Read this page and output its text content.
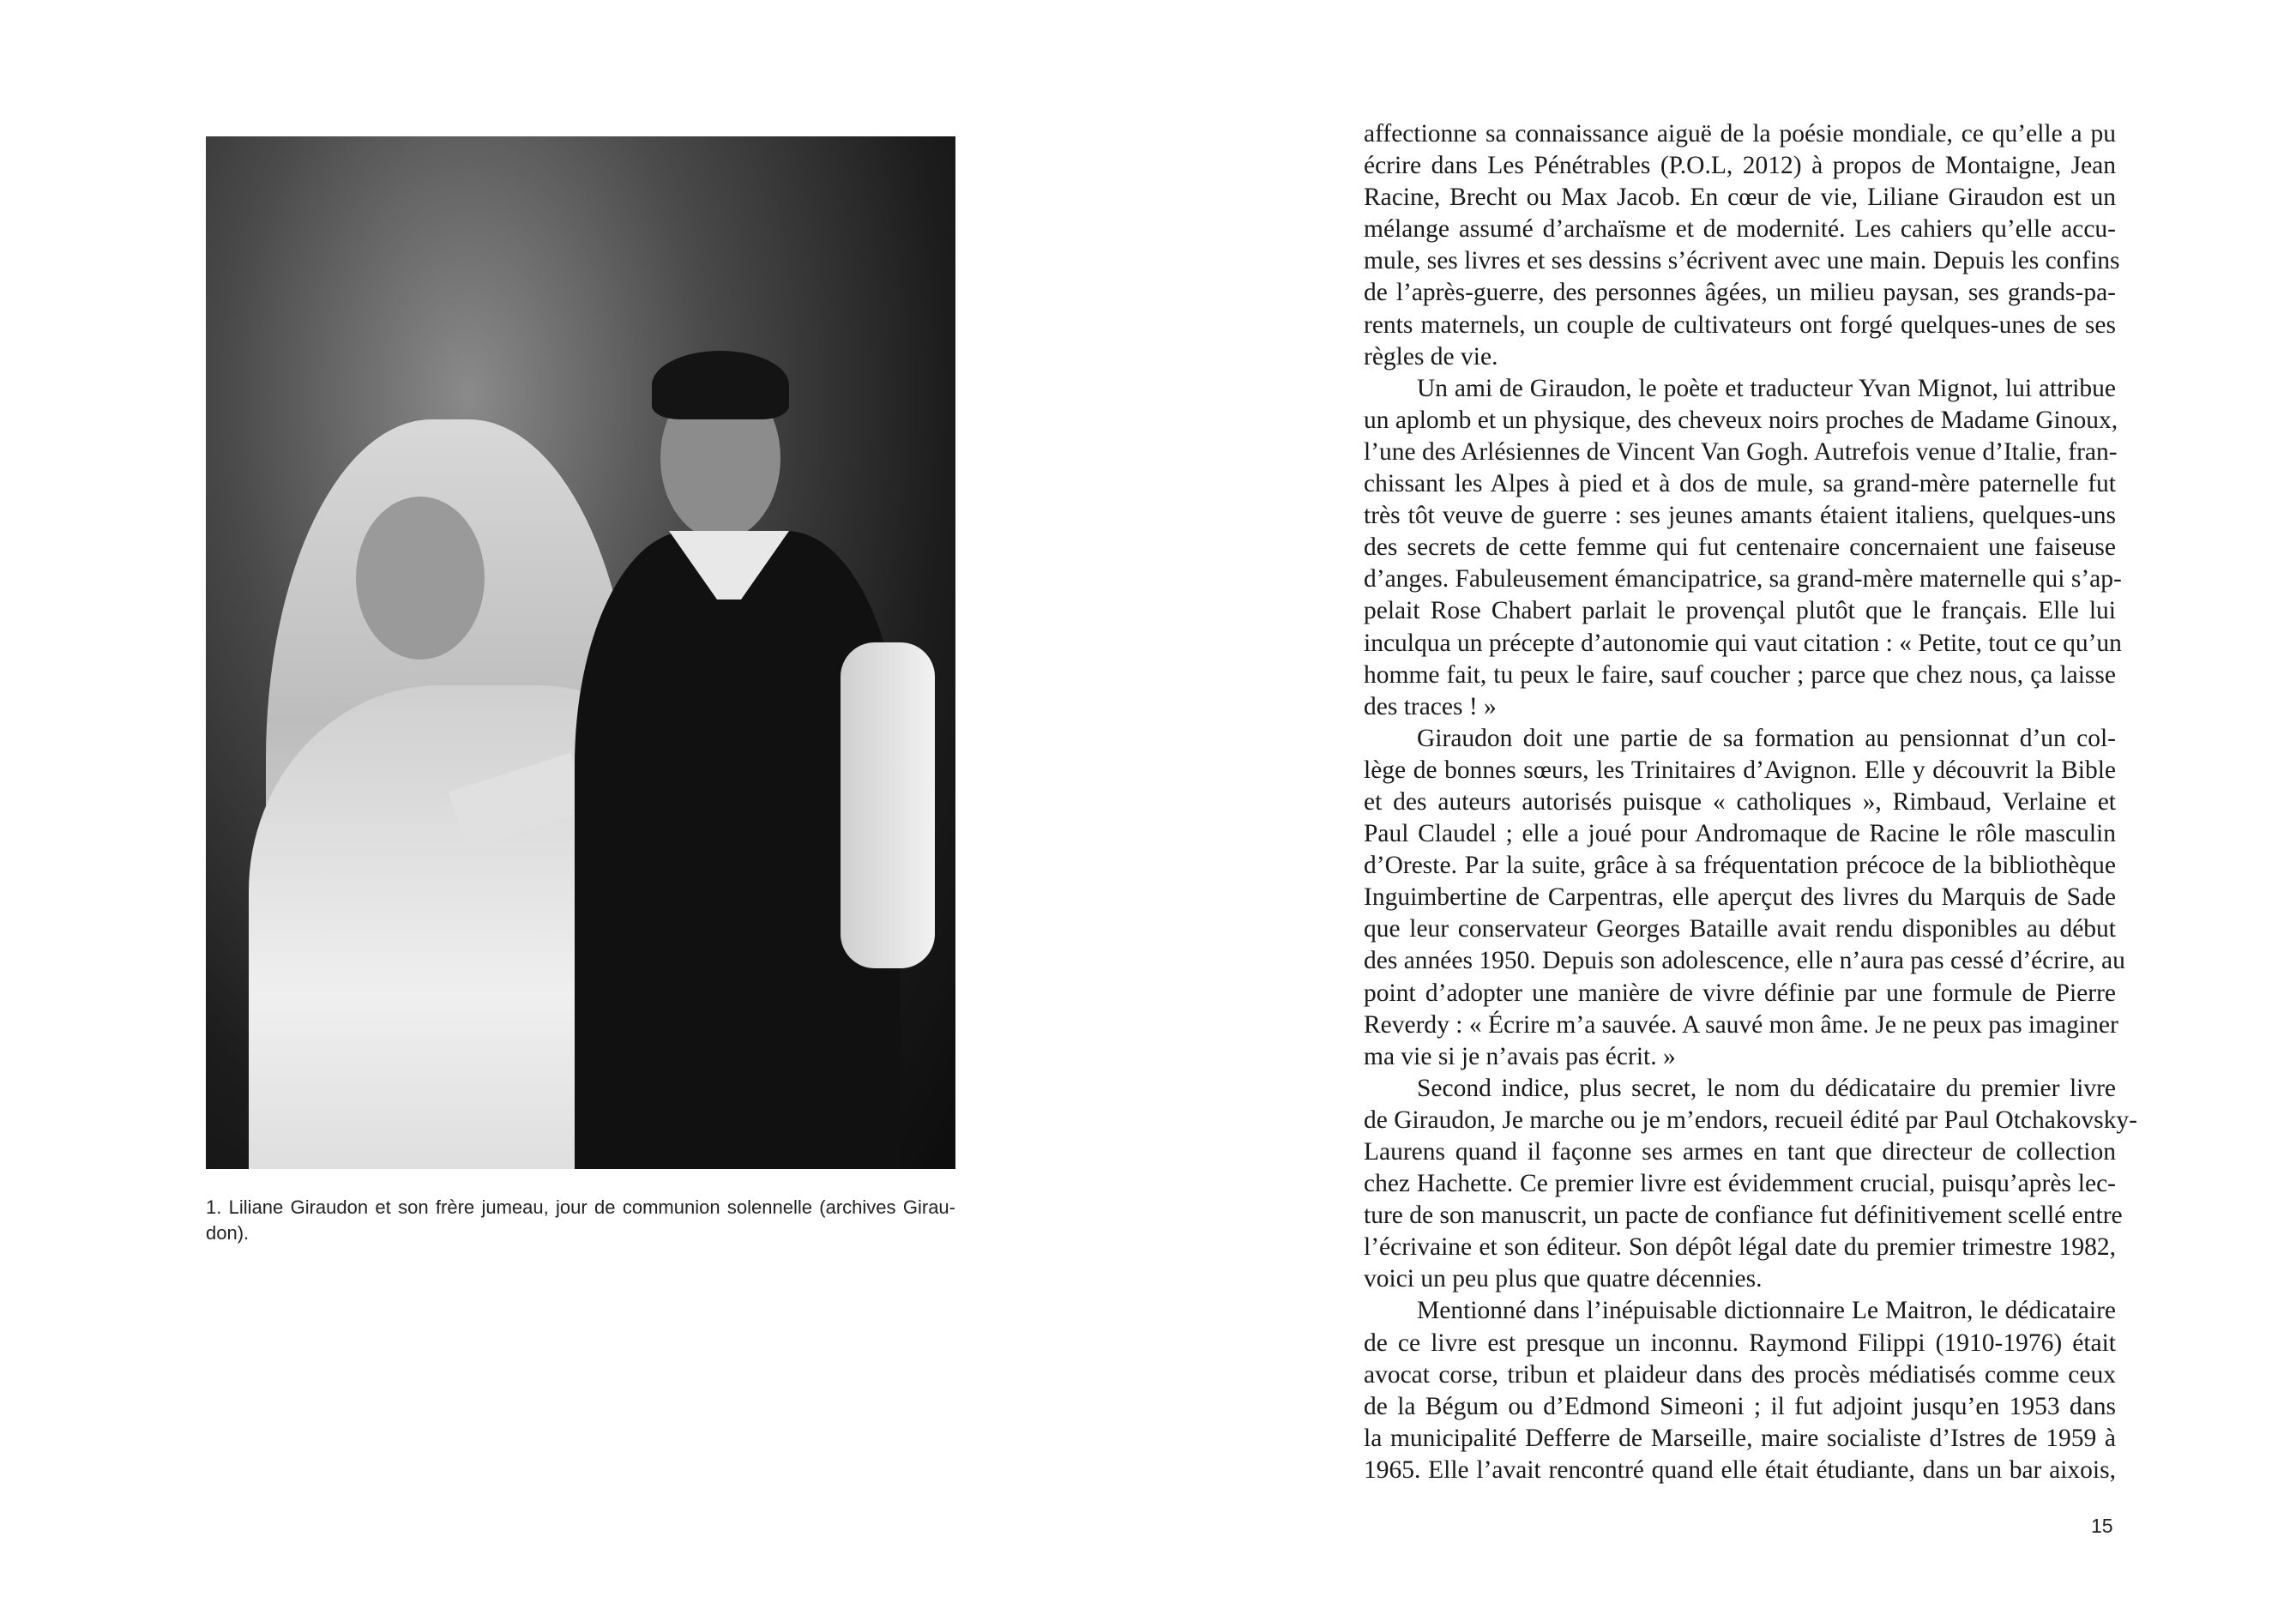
1. Liliane Giraudon et son frère jumeau, jour de communion solennelle (archives Girau-
don).
affectionne sa connaissance aiguë de la poésie mondiale, ce qu’elle a pu
écrire dans Les Pénétrables (P.O.L, 2012) à propos de Montaigne, Jean
Racine, Brecht ou Max Jacob. En cœur de vie, Liliane Giraudon est un
mélange assumé d’archaïsme et de modernité. Les cahiers qu’elle accu-
mule, ses livres et ses dessins s’écrivent avec une main. Depuis les confins
de l’après-guerre, des personnes âgées, un milieu paysan, ses grands-pa-
rents maternels, un couple de cultivateurs ont forgé quelques-unes de ses
règles de vie.
Un ami de Giraudon, le poète et traducteur Yvan Mignot, lui attribue
un aplomb et un physique, des cheveux noirs proches de Madame Ginoux,
l’une des Arlésiennes de Vincent Van Gogh. Autrefois venue d’Italie, fran-
chissant les Alpes à pied et à dos de mule, sa grand-mère paternelle fut
très tôt veuve de guerre : ses jeunes amants étaient italiens, quelques-uns
des secrets de cette femme qui fut centenaire concernaient une faiseuse
d’anges. Fabuleusement émancipatrice, sa grand-mère maternelle qui s’ap-
pelait Rose Chabert parlait le provençal plutôt que le français. Elle lui
inculqua un précepte d’autonomie qui vaut citation : « Petite, tout ce qu’un
homme fait, tu peux le faire, sauf coucher ; parce que chez nous, ça laisse
des traces ! »
Giraudon doit une partie de sa formation au pensionnat d’un col-
lège de bonnes sœurs, les Trinitaires d’Avignon. Elle y découvrit la Bible
et des auteurs autorisés puisque « catholiques », Rimbaud, Verlaine et
Paul Claudel ; elle a joué pour Andromaque de Racine le rôle masculin
d’Oreste. Par la suite, grâce à sa fréquentation précoce de la bibliothèque
Inguimbertine de Carpentras, elle aperçut des livres du Marquis de Sade
que leur conservateur Georges Bataille avait rendu disponibles au début
des années 1950. Depuis son adolescence, elle n’aura pas cessé d’écrire, au
point d’adopter une manière de vivre définie par une formule de Pierre
Reverdy : « Écrire m’a sauvée. A sauvé mon âme. Je ne peux pas imaginer
ma vie si je n’avais pas écrit. »
Second indice, plus secret, le nom du dédicataire du premier livre
de Giraudon, Je marche ou je m’endors, recueil édité par Paul Otchakovsky-
Laurens quand il façonne ses armes en tant que directeur de collection
chez Hachette. Ce premier livre est évidemment crucial, puisqu’après lec-
ture de son manuscrit, un pacte de confiance fut définitivement scellé entre
l’écrivaine et son éditeur. Son dépôt légal date du premier trimestre 1982,
voici un peu plus que quatre décennies.
Mentionné dans l’inépuisable dictionnaire Le Maitron, le dédicataire
de ce livre est presque un inconnu. Raymond Filippi (1910-1976) était
avocat corse, tribun et plaideur dans des procès médiatisés comme ceux
de la Bégum ou d’Edmond Simeoni ; il fut adjoint jusqu’en 1953 dans
la municipalité Defferre de Marseille, maire socialiste d’Istres de 1959 à
1965. Elle l’avait rencontré quand elle était étudiante, dans un bar aixois,
15
